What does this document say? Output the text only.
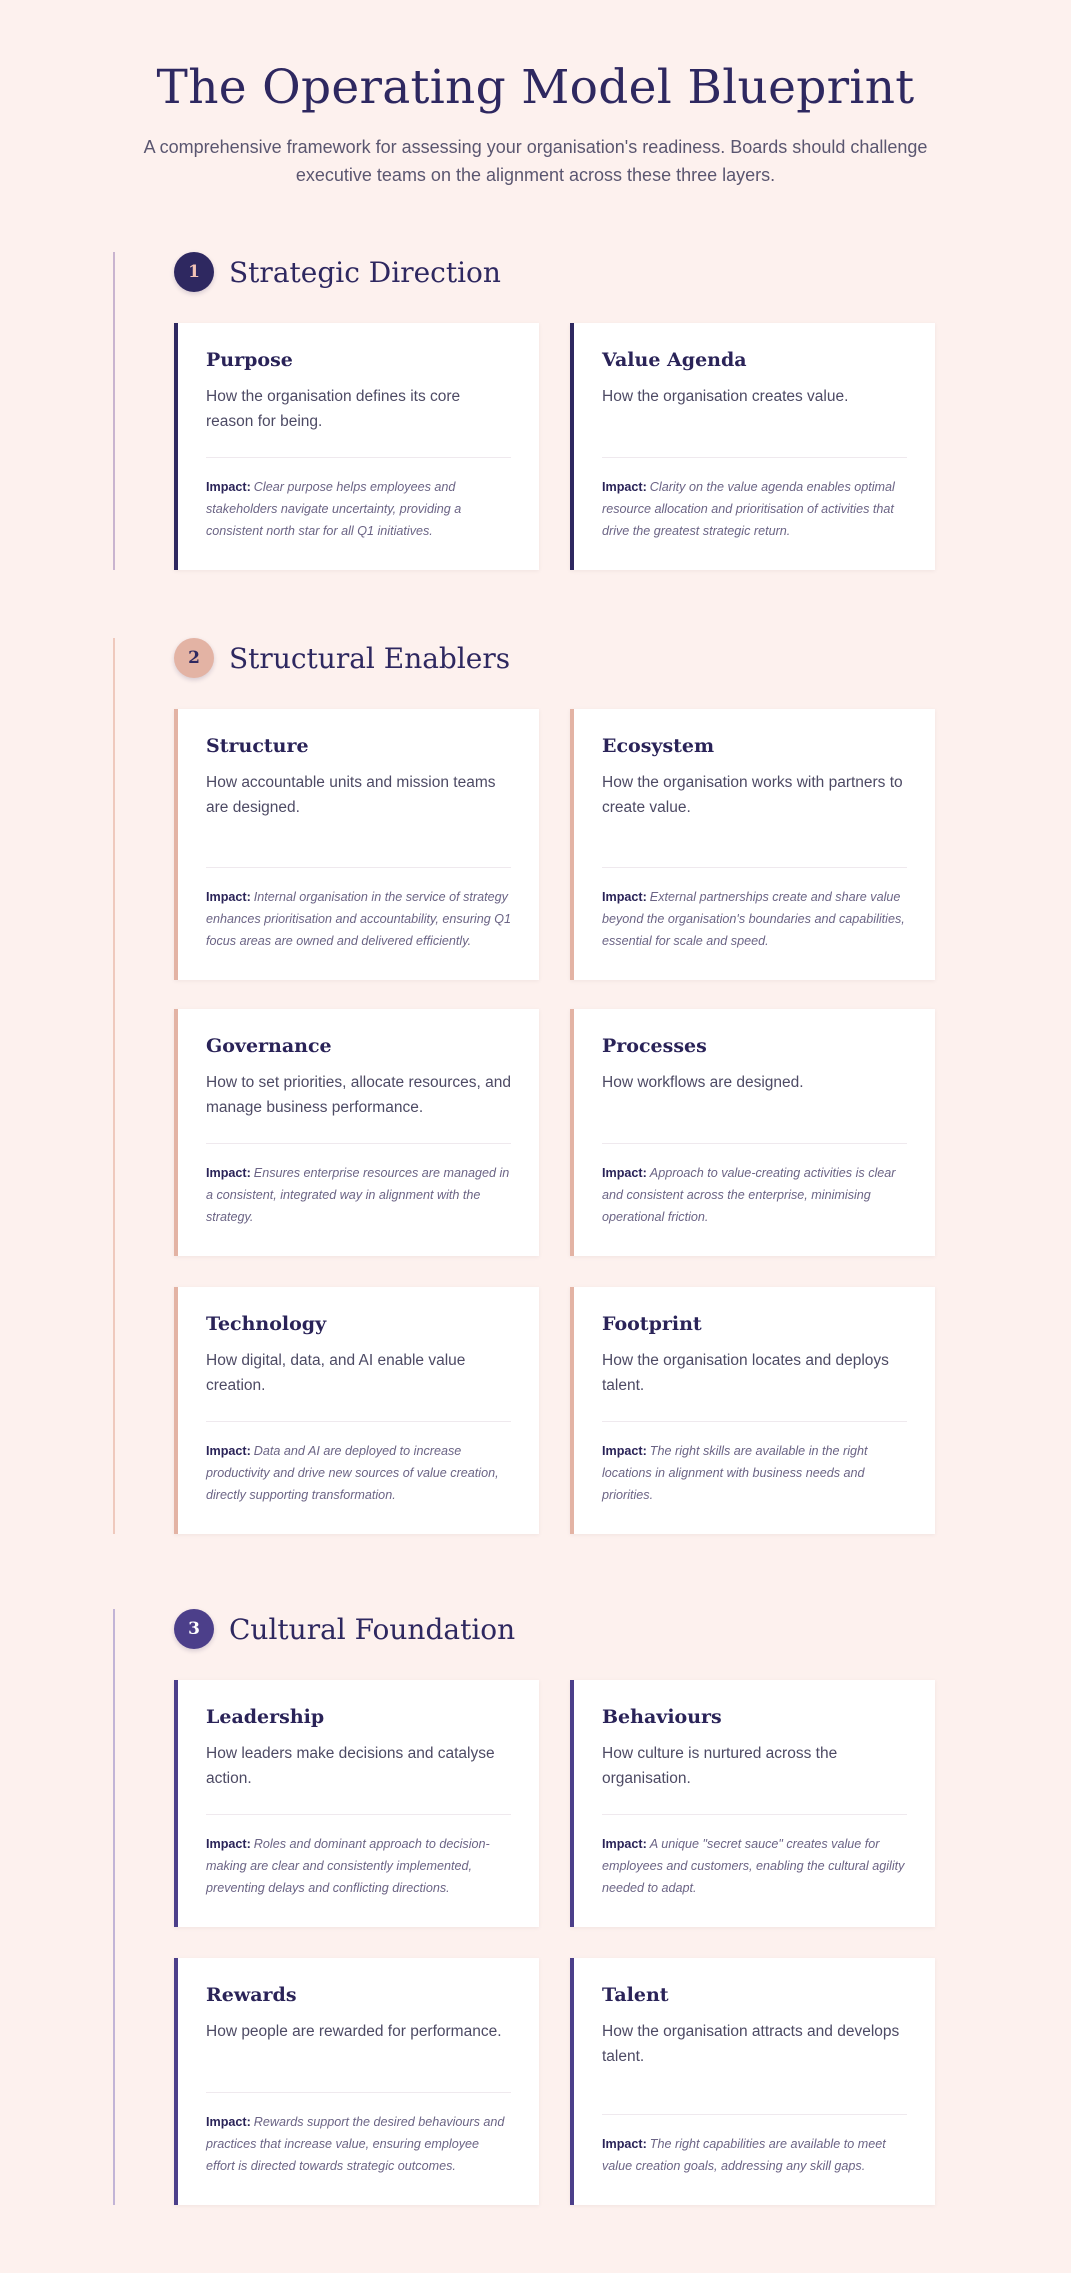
The Operating Model Blueprint

A comprehensive framework for assessing your organisation's readiness. Boards should challenge executive teams on the alignment across these three layers.

1	Strategic Direction
Purpose

How the organisation defines its core reason for being.

Impact: Clear purpose helps employees and stakeholders navigate uncertainty, providing a consistent north star for all Q1 initiatives.
Value Agenda

How the organisation creates value.

Impact: Clarity on the value agenda enables optimal resource allocation and prioritisation of activities that drive the greatest strategic return.
2	Structural Enablers
Structure

How accountable units and mission teams are designed.

Impact: Internal organisation in the service of strategy enhances prioritisation and accountability, ensuring Q1 focus areas are owned and delivered efficiently.
Ecosystem

How the organisation works with partners to create value.

Impact: External partnerships create and share value beyond the organisation's boundaries and capabilities, essential for scale and speed.
Governance

How to set priorities, allocate resources, and manage business performance.

Impact: Ensures enterprise resources are managed in a consistent, integrated way in alignment with the strategy.
Processes

How workflows are designed.

Impact: Approach to value-creating activities is clear and consistent across the enterprise, minimising operational friction.
Technology

How digital, data, and AI enable value creation.

Impact: Data and AI are deployed to increase productivity and drive new sources of value creation, directly supporting transformation.
Footprint

How the organisation locates and deploys talent.

Impact: The right skills are available in the right locations in alignment with business needs and priorities.
3	Cultural Foundation
Leadership

How leaders make decisions and catalyse action.

Impact: Roles and dominant approach to decision-making are clear and consistently implemented, preventing delays and conflicting directions.
Behaviours

How culture is nurtured across the organisation.

Impact: A unique "secret sauce" creates value for employees and customers, enabling the cultural agility needed to adapt.
Rewards

How people are rewarded for performance.

Impact: Rewards support the desired behaviours and practices that increase value, ensuring employee effort is directed towards strategic outcomes.
Talent

How the organisation attracts and develops talent.

Impact: The right capabilities are available to meet value creation goals, addressing any skill gaps.
